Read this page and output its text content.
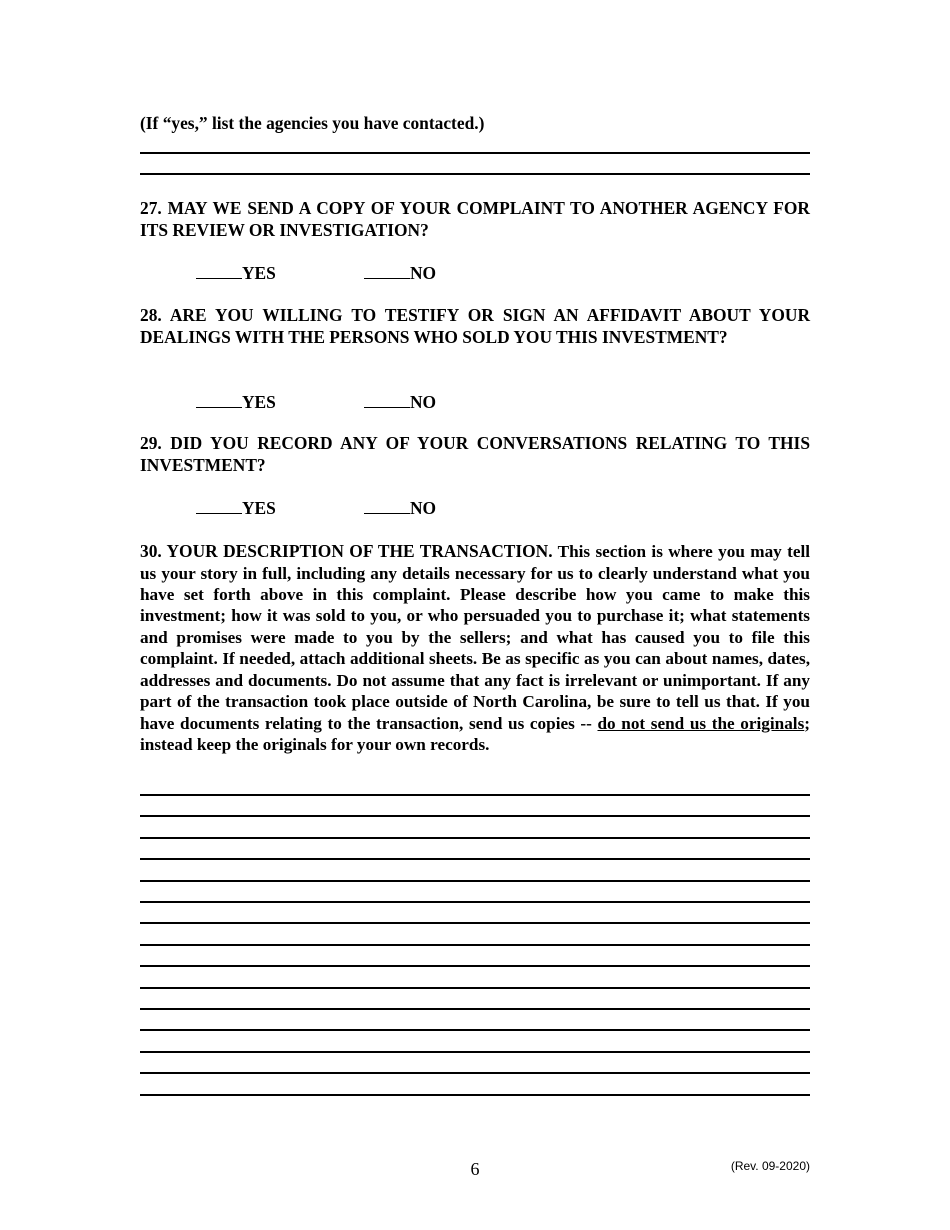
(If “yes,” list the agencies you have contacted.)

27. MAY WE SEND A COPY OF YOUR COMPLAINT TO ANOTHER AGENCY FOR ITS REVIEW OR INVESTIGATION?

YES	NO

28. ARE YOU WILLING TO TESTIFY OR SIGN AN AFFIDAVIT ABOUT YOUR DEALINGS WITH THE PERSONS WHO SOLD YOU THIS INVESTMENT?

YES	NO

29. DID YOU RECORD ANY OF YOUR CONVERSATIONS RELATING TO THIS INVESTMENT?

YES	NO

30. YOUR DESCRIPTION OF THE TRANSACTION. This section is where you may tell us your story in full, including any details necessary for us to clearly understand what you have set forth above in this complaint. Please describe how you came to make this investment; how it was sold to you, or who persuaded you to purchase it; what statements and promises were made to you by the sellers; and what has caused you to file this complaint. If needed, attach additional sheets. Be as specific as you can about names, dates, addresses and documents. Do not assume that any fact is irrelevant or unimportant. If any part of the transaction took place outside of North Carolina, be sure to tell us that. If you have documents relating to the transaction, send us copies -- do not send us the originals; instead keep the originals for your own records.

6	(Rev. 09-2020)
